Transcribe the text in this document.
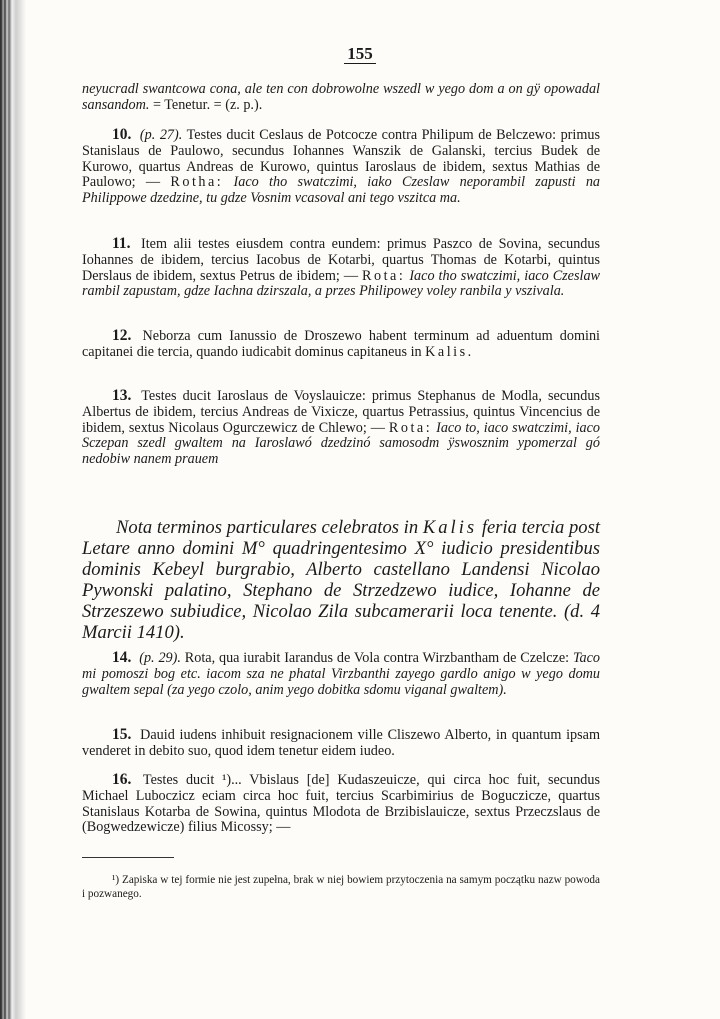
155

neyucradl swantcowa cona, ale ten con dobrowolne wszedl w yego dom a on gÿ opowadal sansandom. = Tenetur. = (z. p.).

10. (p. 27). Testes ducit Ceslaus de Potcocze contra Philipum de Belczewo: primus Stanislaus de Paulowo, secundus Iohannes Wanszik de Galanski, tercius Budek de Kurowo, quartus Andreas de Kurowo, quintus Iaroslaus de ibidem, sextus Mathias de Paulowo; — Rotha: Iaco tho swatczimi, iako Czeslaw neporambil zapusti na Philippowe dzedzine, tu gdze Vosnim vcasoval ani tego vszitca ma.

11. Item alii testes eiusdem contra eundem: primus Paszco de Sovina, secundus Iohannes de ibidem, tercius Iacobus de Kotarbi, quartus Thomas de Kotarbi, quintus Derslaus de ibidem, sextus Petrus de ibidem; — Rota: Iaco tho swatczimi, iaco Czeslaw rambil zapustam, gdze Iachna dzirszala, a przes Philipowey voley ranbila y vszivala.

12. Neborza cum Ianussio de Droszewo habent terminum ad aduentum domini capitanei die tercia, quando iudicabit dominus capitaneus in Kalis.

13. Testes ducit Iaroslaus de Voyslauicze: primus Stephanus de Modla, secundus Albertus de ibidem, tercius Andreas de Vixicze, quartus Petrassius, quintus Vincencius de ibidem, sextus Nicolaus Ogurczewicz de Chlewo; — Rota: Iaco to, iaco swatczimi, iaco Sczepan szedl gwaltem na Iaroslawó dzedzinó samosodm ÿswosznim ypomerzal gó nedobiw nanem prauem

Nota terminos particulares celebratos in Kalis feria tercia post Letare anno domini M° quadringentesimo X° iudicio presidentibus dominis Kebeyl burgrabio, Alberto castellano Landensi Nicolao Pywonski palatino, Stephano de Strzedzewo iudice, Iohanne de Strzeszewo subiudice, Nicolao Zila subcamerarii loca tenente. (d. 4 Marcii 1410).

14. (p. 29). Rota, qua iurabit Iarandus de Vola contra Wirzbantham de Czelcze: Taco mi pomoszi bog etc. iacom sza ne phatal Virzbanthi zayego gardlo anigo w yego domu gwaltem sepal (za yego czolo, anim yego dobitka sdomu viganal gwaltem).

15. Dauid iudens inhibuit resignacionem ville Cliszewo Alberto, in quantum ipsam venderet in debito suo, quod idem tenetur eidem iudeo.

16. Testes ducit ¹)... Vbislaus [de] Kudaszeuicze, qui circa hoc fuit, secundus Michael Luboczicz eciam circa hoc fuit, tercius Scarbimirius de Boguczicze, quartus Stanislaus Kotarba de Sowina, quintus Mlodota de Brzibislauicze, sextus Przeczslaus de (Bogwedzewicze) filius Micossy; —

¹) Zapiska w tej formie nie jest zupełna, brak w niej bowiem przytoczenia na samym początku nazw powoda i pozwanego.
